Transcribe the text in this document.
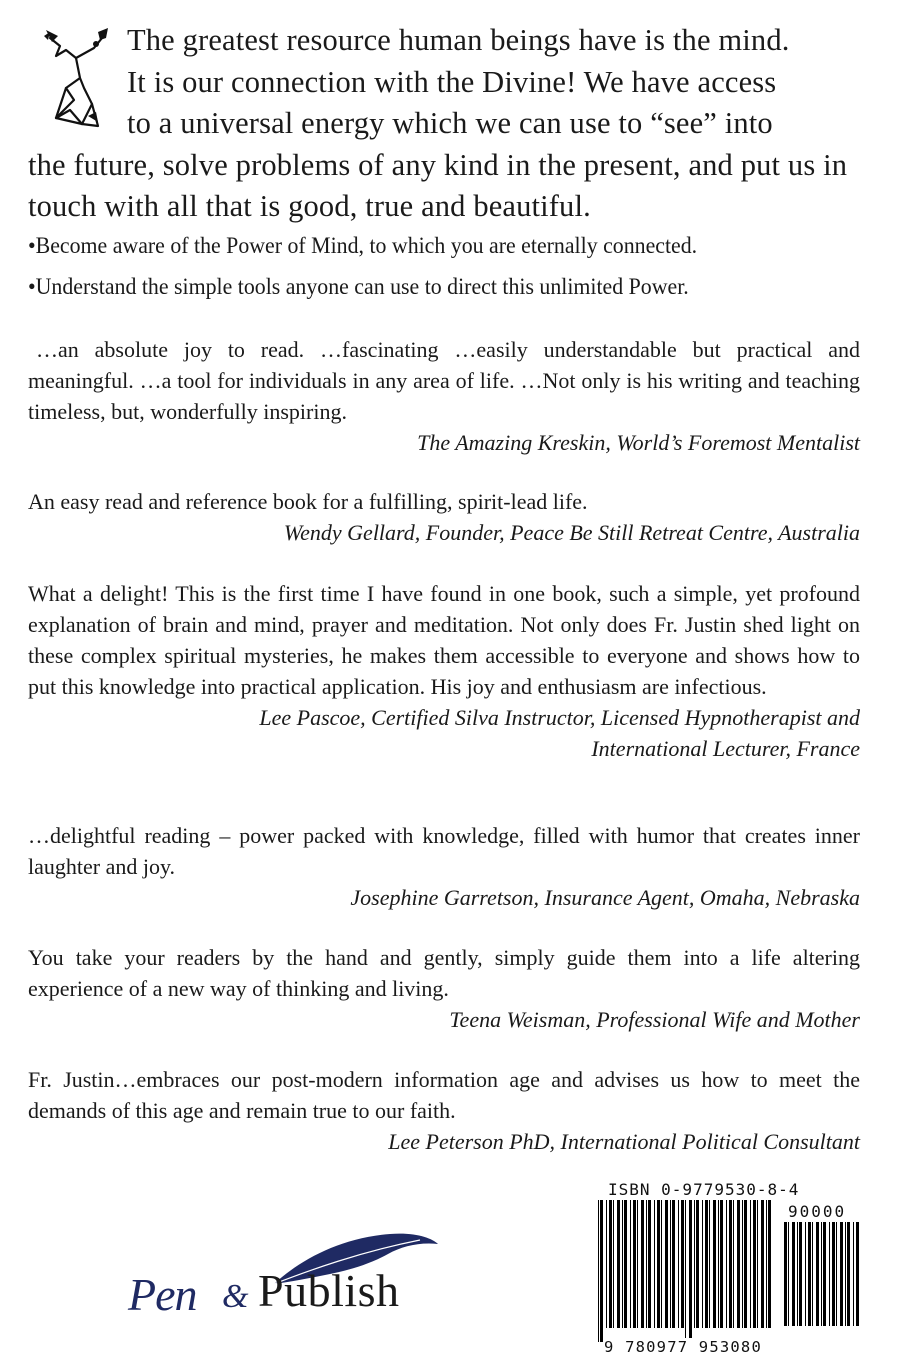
The greatest resource human beings have is the mind.
It is our connection with the Divine! We have access
to a universal energy which we can use to “see” into
the future, solve problems of any kind in the present, and put us in touch with all that is good, true and beautiful.

•Become aware of the Power of Mind, to which you are eternally connected.
•Understand the simple tools anyone can use to direct this unlimited Power.

…an absolute joy to read. …fascinating …easily understandable but practical and meaningful. …a tool for individuals in any area of life. …Not only is his writing and teaching timeless, but, wonderfully inspiring.

The Amazing Kreskin, World’s Foremost Mentalist

An easy read and reference book for a fulfilling, spirit-lead life.

Wendy Gellard, Founder, Peace Be Still Retreat Centre, Australia

What a delight! This is the first time I have found in one book, such a simple, yet profound explanation of brain and mind, prayer and meditation. Not only does Fr. Justin shed light on these complex spiritual mysteries, he makes them accessible to everyone and shows how to put this knowledge into practical application. His joy and enthusiasm are infectious.

Lee Pascoe, Certified Silva Instructor, Licensed Hypnotherapist and

International Lecturer, France

…delightful reading – power packed with knowledge, filled with humor that creates inner laughter and joy.

Josephine Garretson, Insurance Agent, Omaha, Nebraska

You take your readers by the hand and gently, simply guide them into a life altering experience of a new way of thinking and living.

Teena Weisman, Professional Wife and Mother

Fr. Justin…embraces our post-modern information age and advises us how to meet the demands of this age and remain true to our faith.

Lee Peterson PhD, International Political Consultant

Pen & Publish
ISBN 0-9779530-8-4
90000
9 780977 953080
